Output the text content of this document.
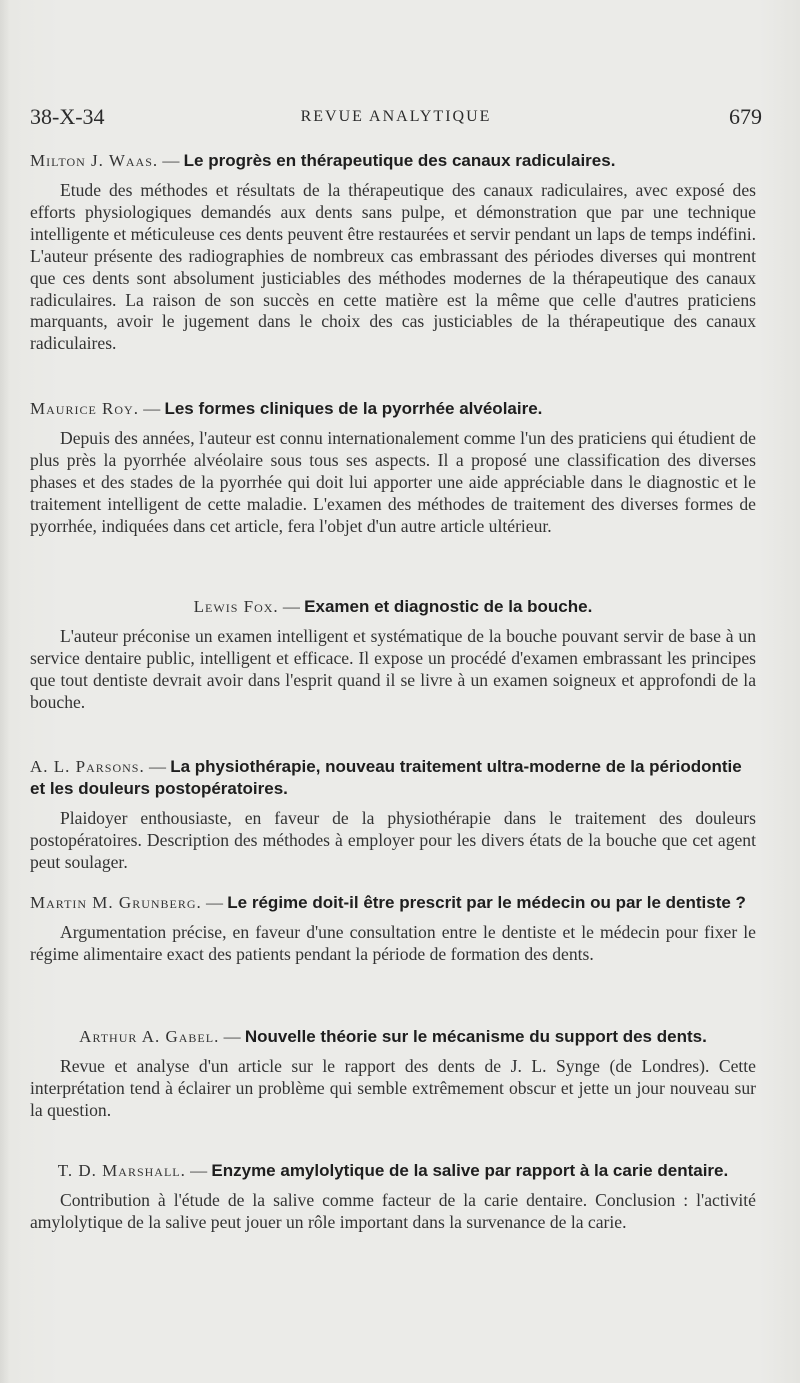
38-X-34	REVUE ANALYTIQUE	679
Milton J. Waas. — Le progrès en thérapeutique des canaux radiculaires.
Etude des méthodes et résultats de la thérapeutique des canaux radiculaires, avec exposé des efforts physiologiques demandés aux dents sans pulpe, et démonstration que par une technique intelligente et méticuleuse ces dents peuvent être restaurées et servir pendant un laps de temps indéfini. L'auteur présente des radiographies de nombreux cas embrassant des périodes diverses qui montrent que ces dents sont absolument justiciables des méthodes modernes de la thérapeutique des canaux radiculaires. La raison de son succès en cette matière est la même que celle d'autres praticiens marquants, avoir le jugement dans le choix des cas justiciables de la thérapeutique des canaux radiculaires.
Maurice Roy. — Les formes cliniques de la pyorrhée alvéolaire.
Depuis des années, l'auteur est connu internationalement comme l'un des praticiens qui étudient de plus près la pyorrhée alvéolaire sous tous ses aspects. Il a proposé une classification des diverses phases et des stades de la pyorrhée qui doit lui apporter une aide appréciable dans le diagnostic et le traitement intelligent de cette maladie. L'examen des méthodes de traitement des diverses formes de pyorrhée, indiquées dans cet article, fera l'objet d'un autre article ultérieur.
Lewis Fox. — Examen et diagnostic de la bouche.
L'auteur préconise un examen intelligent et systématique de la bouche pouvant servir de base à un service dentaire public, intelligent et efficace. Il expose un procédé d'examen embrassant les principes que tout dentiste devrait avoir dans l'esprit quand il se livre à un examen soigneux et approfondi de la bouche.
A. L. Parsons. — La physiothérapie, nouveau traitement ultra-moderne de la périodontie et les douleurs postopératoires.
Plaidoyer enthousiaste, en faveur de la physiothérapie dans le traitement des douleurs postopératoires. Description des méthodes à employer pour les divers états de la bouche que cet agent peut soulager.
Martin M. Grunberg. — Le régime doit-il être prescrit par le médecin ou par le dentiste ?
Argumentation précise, en faveur d'une consultation entre le dentiste et le médecin pour fixer le régime alimentaire exact des patients pendant la période de formation des dents.
Arthur A. Gabel. — Nouvelle théorie sur le mécanisme du support des dents.
Revue et analyse d'un article sur le rapport des dents de J. L. Synge (de Londres). Cette interprétation tend à éclairer un problème qui semble extrêmement obscur et jette un jour nouveau sur la question.
T. D. Marshall. — Enzyme amylolytique de la salive par rapport à la carie dentaire.
Contribution à l'étude de la salive comme facteur de la carie dentaire. Conclusion : l'activité amylolytique de la salive peut jouer un rôle important dans la survenance de la carie.
